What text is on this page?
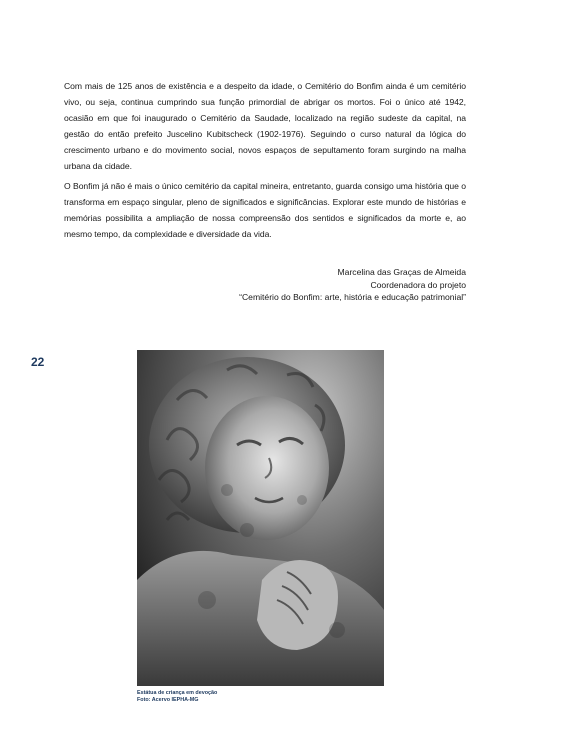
Com mais de 125 anos de existência e a despeito da idade, o Cemitério do Bonfim ainda é um cemitério vivo, ou seja, continua cumprindo sua função primordial de abrigar os mortos. Foi o único até 1942, ocasião em que foi inaugurado o Cemitério da Saudade, localizado na região sudeste da capital, na gestão do então prefeito Juscelino Kubitscheck (1902-1976). Seguindo o curso natural da lógica do crescimento urbano e do movimento social, novos espaços de sepultamento foram surgindo na malha urbana da cidade.

O Bonfim já não é mais o único cemitério da capital mineira, entretanto, guarda consigo uma história que o transforma em espaço singular, pleno de significados e significâncias. Explorar este mundo de histórias e memórias possibilita a ampliação de nossa compreensão dos sentidos e significados da morte e, ao mesmo tempo, da complexidade e diversidade da vida.

Marcelina das Graças de Almeida
Coordenadora do projeto
“Cemitério do Bonfim: arte, história e educação patrimonial”
22
Estátua de criança em devoção
Foto: Acervo IEPHA-MG
